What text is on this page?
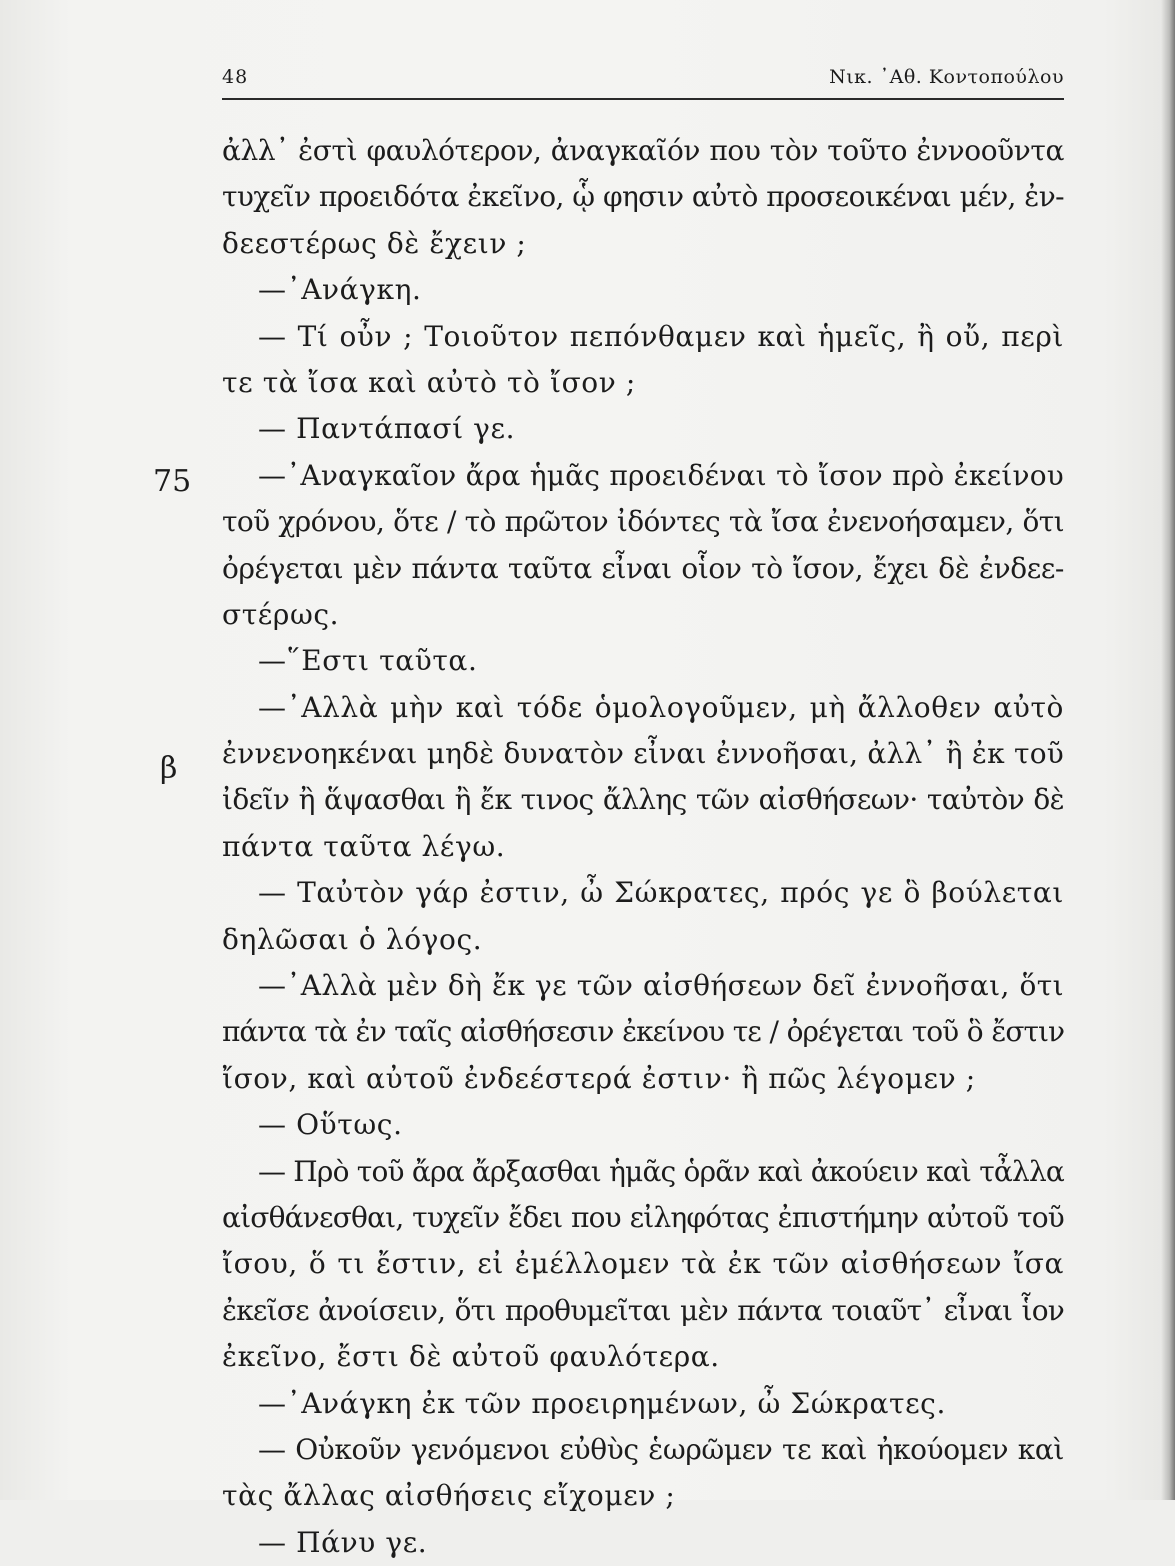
48	Νικ. ᾿Αθ. Κοντοπούλου
75
β
ἀλλ᾿ ἐστὶ φαυλότερον, ἀναγκαῖόν που τὸν τοῦτο ἐννοοῦντα
τυχεῖν προειδότα ἐκεῖνο, ᾧ φησιν αὐτὸ προσεοικέναι μέν, ἐν-
δεεστέρως δὲ ἔχειν ;
—᾿Ανάγκη.
— Τί οὖν ; Τοιοῦτον πεπόνθαμεν καὶ ἡμεῖς, ἢ οὔ, περὶ
τε τὰ ἴσα καὶ αὐτὸ τὸ ἴσον ;
— Παντάπασί γε.
—᾿Αναγκαῖον ἄρα ἡμᾶς προειδέναι τὸ ἴσον πρὸ ἐκείνου
τοῦ χρόνου, ὅτε / τὸ πρῶτον ἰδόντες τὰ ἴσα ἐνενοήσαμεν, ὅτι
ὀρέγεται μὲν πάντα ταῦτα εἶναι οἷον τὸ ἴσον, ἔχει δὲ ἐνδεε-
στέρως.
—῞Εστι ταῦτα.
—᾿Αλλὰ μὴν καὶ τόδε ὁμολογοῦμεν, μὴ ἄλλοθεν αὐτὸ
ἐννενοηκέναι μηδὲ δυνατὸν εἶναι ἐννοῆσαι, ἀλλ᾿ ἢ ἐκ τοῦ
ἰδεῖν ἢ ἅψασθαι ἢ ἔκ τινος ἄλλης τῶν αἰσθήσεων· ταὐτὸν δὲ
πάντα ταῦτα λέγω.
— Ταὐτὸν γάρ ἐστιν, ὦ Σώκρατες, πρός γε ὃ βούλεται
δηλῶσαι ὁ λόγος.
—᾿Αλλὰ μὲν δὴ ἔκ γε τῶν αἰσθήσεων δεῖ ἐννοῆσαι, ὅτι
πάντα τὰ ἐν ταῖς αἰσθήσεσιν ἐκείνου τε / ὀρέγεται τοῦ ὃ ἔστιν
ἴσον, καὶ αὐτοῦ ἐνδεέστερά ἐστιν· ἢ πῶς λέγομεν ;
— Οὕτως.
— Πρὸ τοῦ ἄρα ἄρξασθαι ἡμᾶς ὁρᾶν καὶ ἀκούειν καὶ τἆλλα
αἰσθάνεσθαι, τυχεῖν ἔδει που εἰληφότας ἐπιστήμην αὐτοῦ τοῦ
ἴσου, ὅ τι ἔστιν, εἰ ἐμέλλομεν τὰ ἐκ τῶν αἰσθήσεων ἴσα
ἐκεῖσε ἀνοίσειν, ὅτι προθυμεῖται μὲν πάντα τοιαῦτ᾿ εἶναι ἷον
ἐκεῖνο, ἔστι δὲ αὐτοῦ φαυλότερα.
—᾿Ανάγκη ἐκ τῶν προειρημένων, ὦ Σώκρατες.
— Οὐκοῦν γενόμενοι εὐθὺς ἑωρῶμεν τε καὶ ἠκούομεν καὶ
τὰς ἄλλας αἰσθήσεις εἴχομεν ;
— Πάνυ γε.
